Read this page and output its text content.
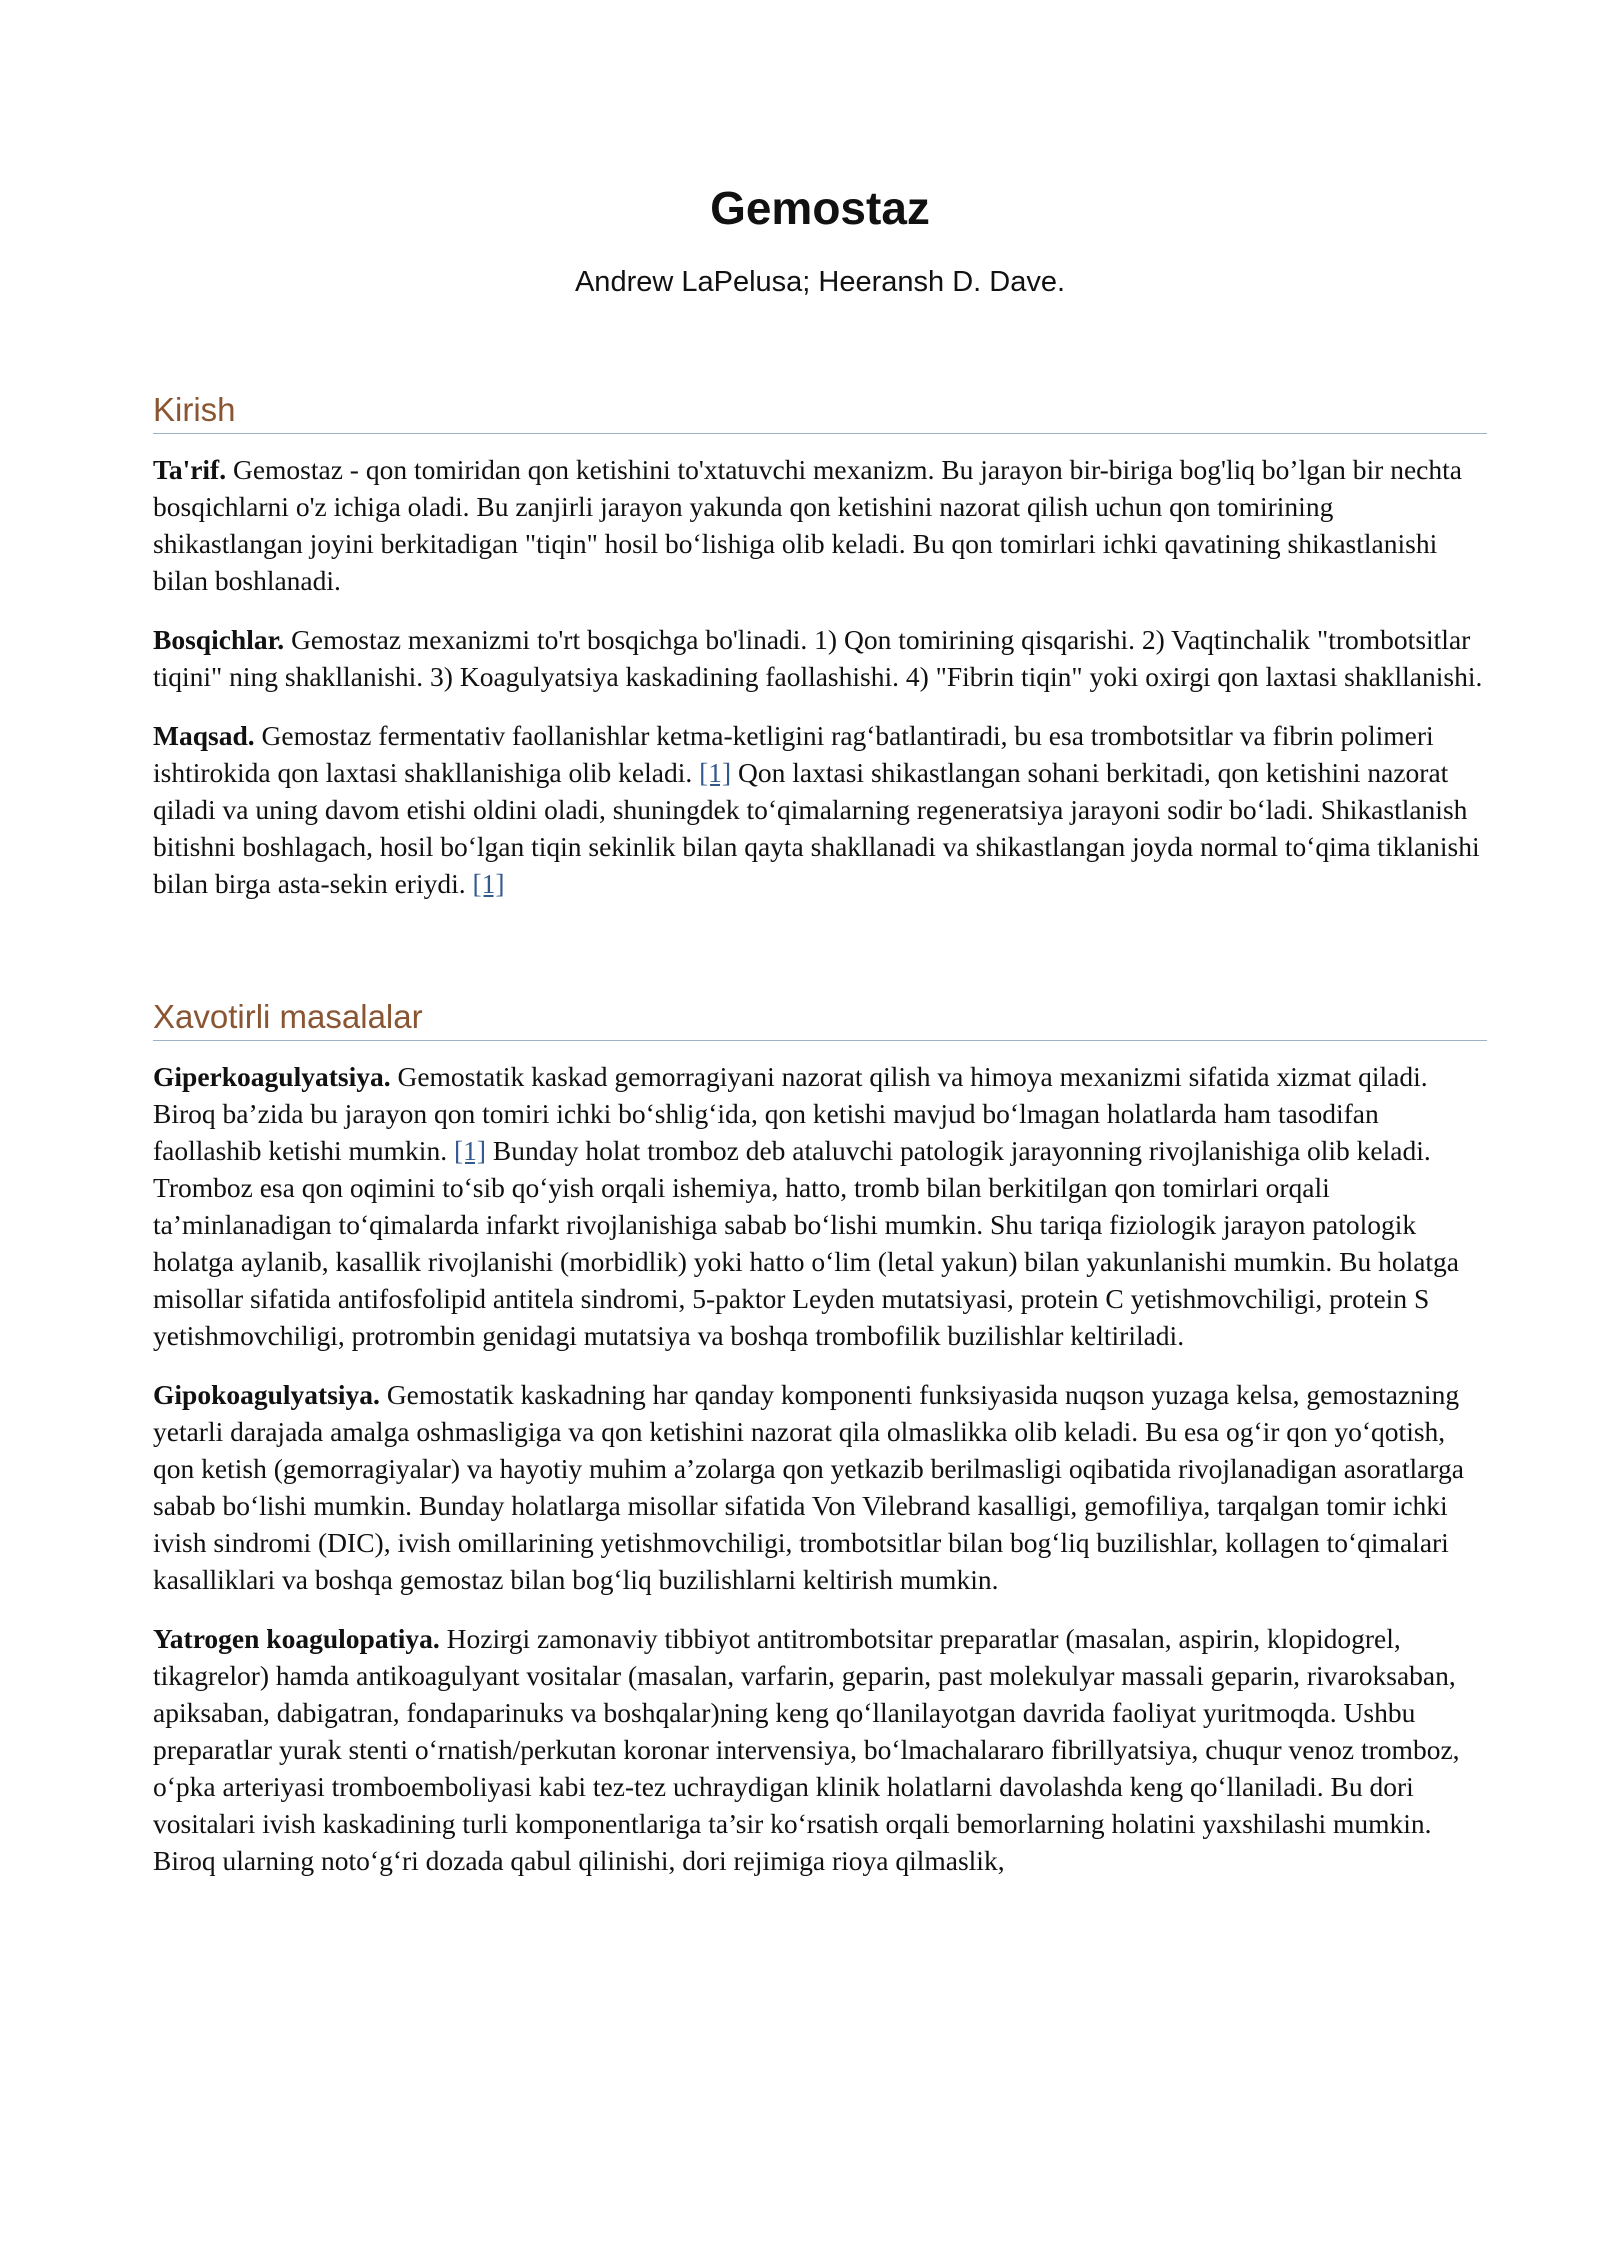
Gemostaz
Andrew LaPelusa; Heeransh D. Dave.
Kirish

Ta'rif. Gemostaz - qon tomiridan qon ketishini to'xtatuvchi mexanizm. Bu jarayon bir-biriga bog'liq bo’lgan bir nechta bosqichlarni o'z ichiga oladi. Bu zanjirli jarayon yakunda qon ketishini nazorat qilish uchun qon tomirining shikastlangan joyini berkitadigan "tiqin" hosil bo‘lishiga olib keladi. Bu qon tomirlari ichki qavatining shikastlanishi bilan boshlanadi.

Bosqichlar. Gemostaz mexanizmi to'rt bosqichga bo'linadi. 1) Qon tomirining qisqarishi. 2) Vaqtinchalik "trombotsitlar tiqini" ning shakllanishi. 3) Koagulyatsiya kaskadining faollashishi. 4) "Fibrin tiqin" yoki oxirgi qon laxtasi shakllanishi.

Maqsad. Gemostaz fermentativ faollanishlar ketma-ketligini rag‘batlantiradi, bu esa trombotsitlar va fibrin polimeri ishtirokida qon laxtasi shakllanishiga olib keladi. [1] Qon laxtasi shikastlangan sohani berkitadi, qon ketishini nazorat qiladi va uning davom etishi oldini oladi, shuningdek to‘qimalarning regeneratsiya jarayoni sodir bo‘ladi. Shikastlanish bitishni boshlagach, hosil bo‘lgan tiqin sekinlik bilan qayta shakllanadi va shikastlangan joyda normal to‘qima tiklanishi bilan birga asta-sekin eriydi. [1]

Xavotirli masalalar

Giperkoagulyatsiya. Gemostatik kaskad gemorragiyani nazorat qilish va himoya mexanizmi sifatida xizmat qiladi. Biroq ba’zida bu jarayon qon tomiri ichki bo‘shlig‘ida, qon ketishi mavjud bo‘lmagan holatlarda ham tasodifan faollashib ketishi mumkin. [1] Bunday holat tromboz deb ataluvchi patologik jarayonning rivojlanishiga olib keladi. Tromboz esa qon oqimini to‘sib qo‘yish orqali ishemiya, hatto, tromb bilan berkitilgan qon tomirlari orqali ta’minlanadigan to‘qimalarda infarkt rivojlanishiga sabab bo‘lishi mumkin. Shu tariqa fiziologik jarayon patologik holatga aylanib, kasallik rivojlanishi (morbidlik) yoki hatto o‘lim (letal yakun) bilan yakunlanishi mumkin. Bu holatga misollar sifatida antifosfolipid antitela sindromi, 5-paktor Leyden mutatsiyasi, protein C yetishmovchiligi, protein S yetishmovchiligi, protrombin genidagi mutatsiya va boshqa trombofilik buzilishlar keltiriladi.

Gipokoagulyatsiya. Gemostatik kaskadning har qanday komponenti funksiyasida nuqson yuzaga kelsa, gemostazning yetarli darajada amalga oshmasligiga va qon ketishini nazorat qila olmaslikka olib keladi. Bu esa og‘ir qon yo‘qotish, qon ketish (gemorragiyalar) va hayotiy muhim a’zolarga qon yetkazib berilmasligi oqibatida rivojlanadigan asoratlarga sabab bo‘lishi mumkin. Bunday holatlarga misollar sifatida Von Vilebrand kasalligi, gemofiliya, tarqalgan tomir ichki ivish sindromi (DIC), ivish omillarining yetishmovchiligi, trombotsitlar bilan bog‘liq buzilishlar, kollagen to‘qimalari kasalliklari va boshqa gemostaz bilan bog‘liq buzilishlarni keltirish mumkin.

Yatrogen koagulopatiya. Hozirgi zamonaviy tibbiyot antitrombotsitar preparatlar (masalan, aspirin, klopidogrel, tikagrelor) hamda antikoagulyant vositalar (masalan, varfarin, geparin, past molekulyar massali geparin, rivaroksaban, apiksaban, dabigatran, fondaparinuks va boshqalar)ning keng qo‘llanilayotgan davrida faoliyat yuritmoqda. Ushbu preparatlar yurak stenti o‘rnatish/perkutan koronar intervensiya, bo‘lmachalararo fibrillyatsiya, chuqur venoz tromboz, o‘pka arteriyasi tromboemboliyasi kabi tez-tez uchraydigan klinik holatlarni davolashda keng qo‘llaniladi. Bu dori vositalari ivish kaskadining turli komponentlariga ta’sir ko‘rsatish orqali bemorlarning holatini yaxshilashi mumkin. Biroq ularning noto‘g‘ri dozada qabul qilinishi, dori rejimiga rioya qilmaslik,
